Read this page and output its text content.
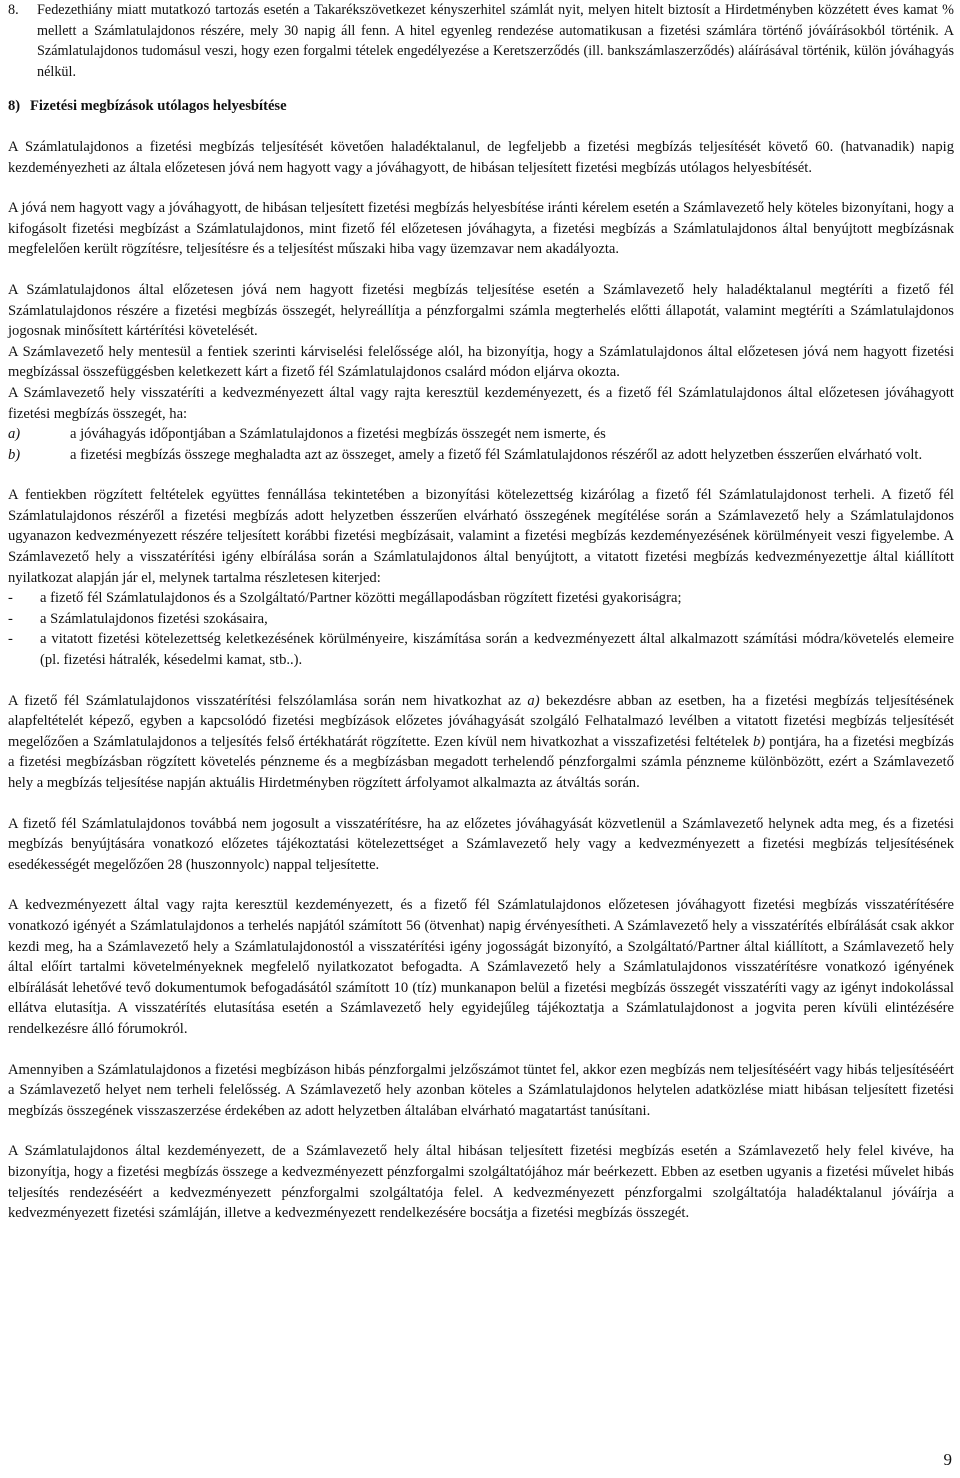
8. Fedezethiány miatt mutatkozó tartozás esetén a Takarékszövetkezet kényszerhitel számlát nyit, melyen hitelt biztosít a Hirdetményben közzétett éves kamat % mellett a Számlatulajdonos részére, mely 30 napig áll fenn. A hitel egyenleg rendezése automatikusan a fizetési számlára történő jóváírásokból történik. A Számlatulajdonos tudomásul veszi, hogy ezen forgalmi tételek engedélyezése a Keretszerződés (ill. bankszámlaszerződés) aláírásával történik, külön jóváhagyás nélkül.

8) Fizetési megbízások utólagos helyesbítése

A Számlatulajdonos a fizetési megbízás teljesítését követően haladéktalanul, de legfeljebb a fizetési megbízás teljesítését követő 60. (hatvanadik) napig kezdeményezheti az általa előzetesen jóvá nem hagyott vagy a jóváhagyott, de hibásan teljesített fizetési megbízás utólagos helyesbítését.

A jóvá nem hagyott vagy a jóváhagyott, de hibásan teljesített fizetési megbízás helyesbítése iránti kérelem esetén a Számlavezető hely köteles bizonyítani, hogy a kifogásolt fizetési megbízást a Számlatulajdonos, mint fizető fél előzetesen jóváhagyta, a fizetési megbízás a Számlatulajdonos által benyújtott megbízásnak megfelelően került rögzítésre, teljesítésre és a teljesítést műszaki hiba vagy üzemzavar nem akadályozta.

A Számlatulajdonos által előzetesen jóvá nem hagyott fizetési megbízás teljesítése esetén a Számlavezető hely haladéktalanul megtéríti a fizető fél Számlatulajdonos részére a fizetési megbízás összegét, helyreállítja a pénzforgalmi számla megterhelés előtti állapotát, valamint megtéríti a Számlatulajdonos jogosnak minősített kártérítési követelését.

A Számlavezető hely mentesül a fentiek szerinti kárviselési felelőssége alól, ha bizonyítja, hogy a Számlatulajdonos által előzetesen jóvá nem hagyott fizetési megbízással összefüggésben keletkezett kárt a fizető fél Számlatulajdonos csalárd módon eljárva okozta.

A Számlavezető hely visszatéríti a kedvezményezett által vagy rajta keresztül kezdeményezett, és a fizető fél Számlatulajdonos által előzetesen jóváhagyott fizetési megbízás összegét, ha:

a)	a jóváhagyás időpontjában a Számlatulajdonos a fizetési megbízás összegét nem ismerte, és

b)	a fizetési megbízás összege meghaladta azt az összeget, amely a fizető fél Számlatulajdonos részéről az adott helyzetben ésszerűen elvárható volt.

A fentiekben rögzített feltételek együttes fennállása tekintetében a bizonyítási kötelezettség kizárólag a fizető fél Számlatulajdonost terheli. A fizető fél Számlatulajdonos részéről a fizetési megbízás adott helyzetben ésszerűen elvárható összegének megítélése során a Számlavezető hely a Számlatulajdonos ugyanazon kedvezményezett részére teljesített korábbi fizetési megbízásait, valamint a fizetési megbízás kezdeményezésének körülményeit veszi figyelembe. A Számlavezető hely a visszatérítési igény elbírálása során a Számlatulajdonos által benyújtott, a vitatott fizetési megbízás kedvezményezettje által kiállított nyilatkozat alapján jár el, melynek tartalma részletesen kiterjed:

- a fizető fél Számlatulajdonos és a Szolgáltató/Partner közötti megállapodásban rögzített fizetési gyakoriságra;

- a Számlatulajdonos fizetési szokásaira,

- a vitatott fizetési kötelezettség keletkezésének körülményeire, kiszámítása során a kedvezményezett által alkalmazott számítási módra/követelés elemeire (pl. fizetési hátralék, késedelmi kamat, stb..).

A fizető fél Számlatulajdonos visszatérítési felszólamlása során nem hivatkozhat az a) bekezdésre abban az esetben, ha a fizetési megbízás teljesítésének alapfeltételét képező, egyben a kapcsolódó fizetési megbízások előzetes jóváhagyását szolgáló Felhatalmazó levélben a vitatott fizetési megbízás teljesítését megelőzően a Számlatulajdonos a teljesítés felső értékhatárát rögzítette. Ezen kívül nem hivatkozhat a visszafizetési feltételek b) pontjára, ha a fizetési megbízás a fizetési megbízásban rögzített követelés pénzneme és a megbízásban megadott terhelendő pénzforgalmi számla pénzneme különbözött, ezért a Számlavezető hely a megbízás teljesítése napján aktuális Hirdetményben rögzített árfolyamot alkalmazta az átváltás során.

A fizető fél Számlatulajdonos továbbá nem jogosult a visszatérítésre, ha az előzetes jóváhagyását közvetlenül a Számlavezető helynek adta meg, és a fizetési megbízás benyújtására vonatkozó előzetes tájékoztatási kötelezettséget a Számlavezető hely vagy a kedvezményezett a fizetési megbízás teljesítésének esedékességét megelőzően 28 (huszonnyolc) nappal teljesítette.

A kedvezményezett által vagy rajta keresztül kezdeményezett, és a fizető fél Számlatulajdonos előzetesen jóváhagyott fizetési megbízás visszatérítésére vonatkozó igényét a Számlatulajdonos a terhelés napjától számított 56 (ötvenhat) napig érvényesítheti. A Számlavezető hely a visszatérítés elbírálását csak akkor kezdi meg, ha a Számlavezető hely a Számlatulajdonostól a visszatérítési igény jogosságát bizonyító, a Szolgáltató/Partner által kiállított, a Számlavezető hely által előírt tartalmi követelményeknek megfelelő nyilatkozatot befogadta. A Számlavezető hely a Számlatulajdonos visszatérítésre vonatkozó igényének elbírálását lehetővé tevő dokumentumok befogadásától számított 10 (tíz) munkanapon belül a fizetési megbízás összegét visszatéríti vagy az igényt indokolással ellátva elutasítja. A visszatérítés elutasítása esetén a Számlavezető hely egyidejűleg tájékoztatja a Számlatulajdonost a jogvita peren kívüli elintézésére rendelkezésre álló fórumokról.

Amennyiben a Számlatulajdonos a fizetési megbízáson hibás pénzforgalmi jelzőszámot tüntet fel, akkor ezen megbízás nem teljesítéséért vagy hibás teljesítéséért a Számlavezető helyet nem terheli felelősség. A Számlavezető hely azonban köteles a Számlatulajdonos helytelen adatközlése miatt hibásan teljesített fizetési megbízás összegének visszaszerzése érdekében az adott helyzetben általában elvárható magatartást tanúsítani.

A Számlatulajdonos által kezdeményezett, de a Számlavezető hely által hibásan teljesített fizetési megbízás esetén a Számlavezető hely felel kivéve, ha bizonyítja, hogy a fizetési megbízás összege a kedvezményezett pénzforgalmi szolgáltatójához már beérkezett. Ebben az esetben ugyanis a fizetési művelet hibás teljesítés rendezéséért a kedvezményezett pénzforgalmi szolgáltatója felel. A kedvezményezett pénzforgalmi szolgáltatója haladéktalanul jóváírja a kedvezményezett fizetési számláján, illetve a kedvezményezett rendelkezésére bocsátja a fizetési megbízás összegét.

9
